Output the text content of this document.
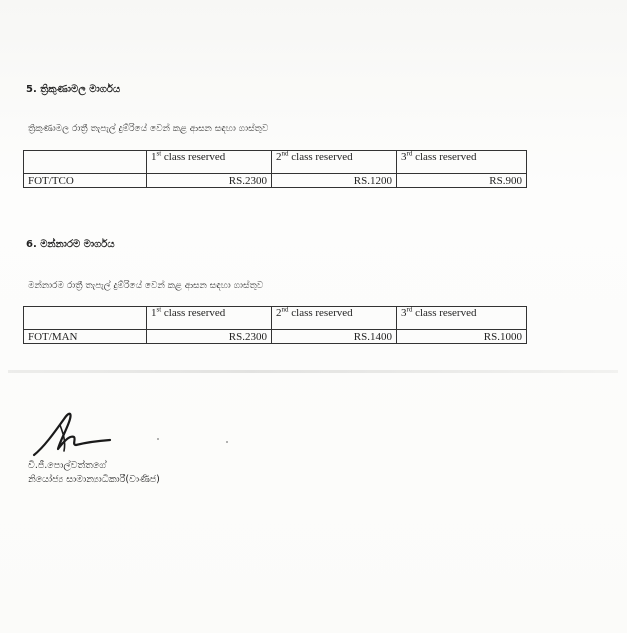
5. ත්‍රිකුණාමල මාර්ගය
ත්‍රිකුණාමල රාත්‍රී තැපැල් දුම්රියේ වෙන් කළ ආසන සඳහා ගාස්තුව
	1st class reserved	2nd class reserved	3rd class reserved
FOT/TCO	RS.2300	RS.1200	RS.900
6. මන්නාරම මාර්ගය
මන්නාරම රාත්‍රී තැපැල් දුම්රියේ වෙන් කළ ආසන සඳහා ගාස්තුව
	1st class reserved	2nd class reserved	3rd class reserved
FOT/MAN	RS.2300	RS.1400	RS.1000
වී.ජී.පොල්වත්තගේ
නියෝජ්‍ය සාමාන්‍යාධිකාරී(වාණිජ)
